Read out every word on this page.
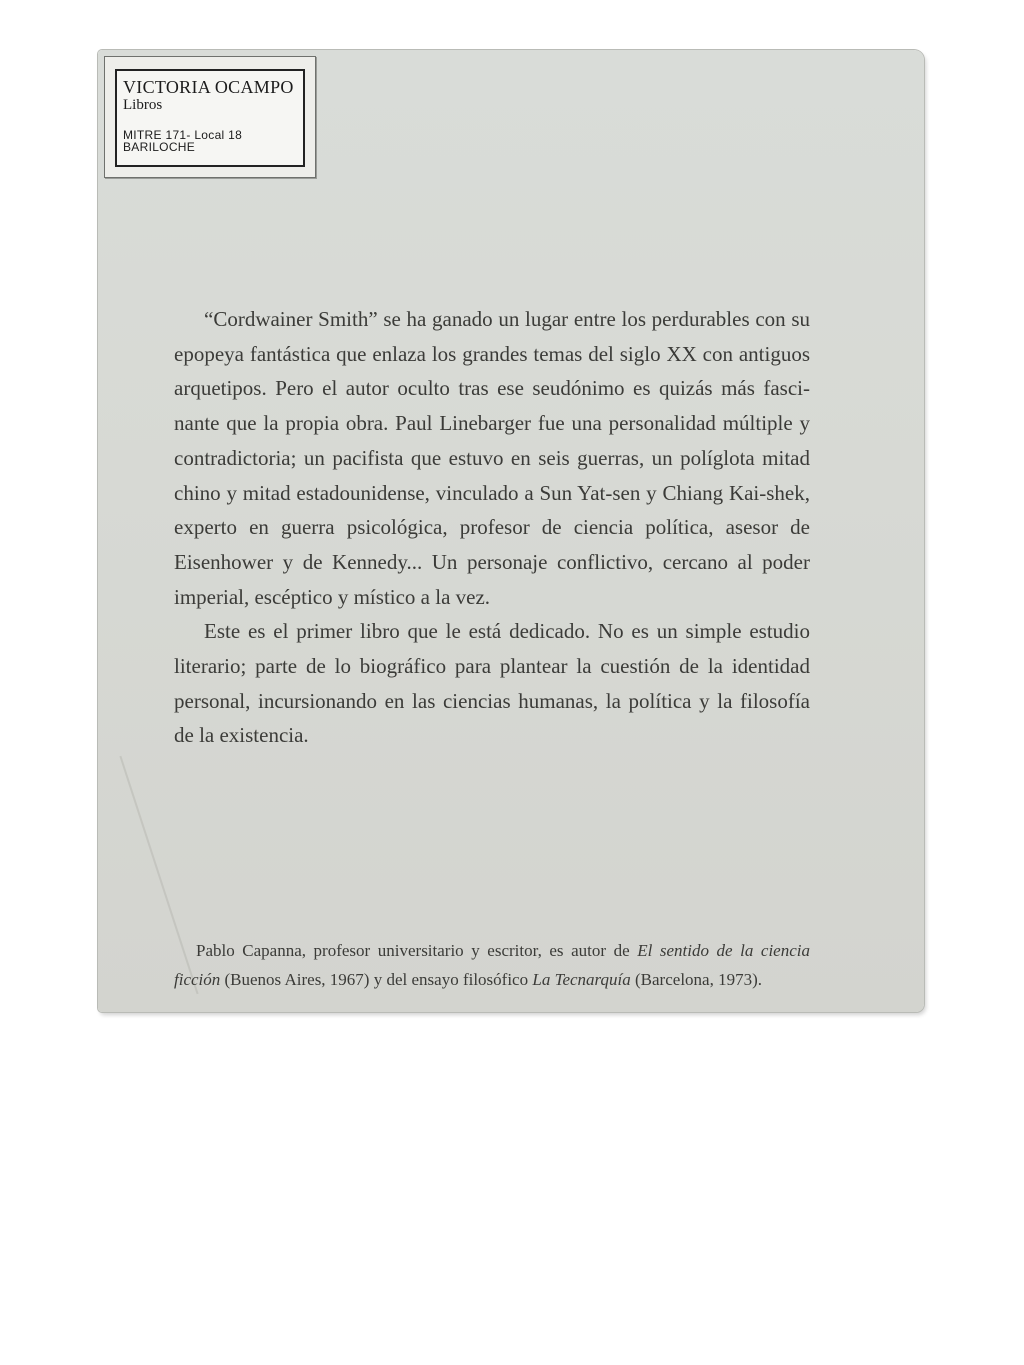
VICTORIA OCAMPO
Libros
MITRE 171- Local 18
BARILOCHE

“Cordwainer Smith” se ha ganado un lugar entre los perdurables con su epopeya fantástica que enlaza los grandes temas del siglo XX con antiguos arquetipos. Pero el autor oculto tras ese seudónimo es quizás más fascinante que la propia obra. Paul Linebarger fue una personalidad múltiple y contradictoria; un pacifista que estuvo en seis guerras, un políglota mitad chino y mitad estadounidense, vinculado a Sun Yat-sen y Chiang Kai-shek, experto en guerra psicológica, profesor de ciencia política, asesor de Eisenhower y de Kennedy... Un personaje conflictivo, cercano al poder imperial, escéptico y místico a la vez.

Este es el primer libro que le está dedicado. No es un simple estudio literario; parte de lo biográfico para plantear la cuestión de la identidad personal, incursionando en las ciencias humanas, la política y la filosofía de la existencia.

Pablo Capanna, profesor universitario y escritor, es autor de El sentido de la ciencia ficción (Buenos Aires, 1967) y del ensayo filosófico La Tecnarquía (Barcelona, 1973).
